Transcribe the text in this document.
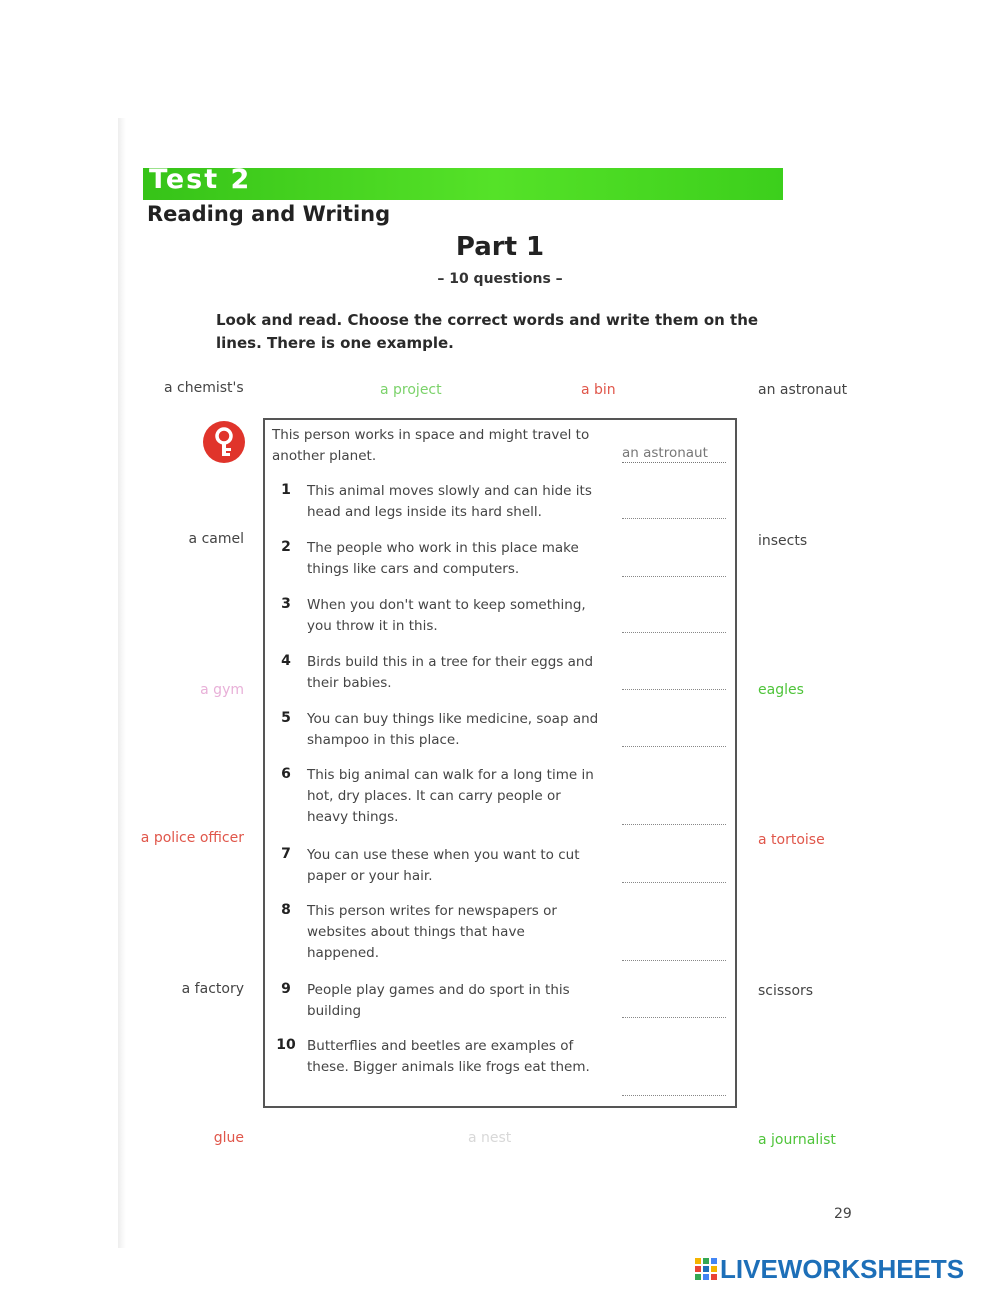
Test 2
Reading and Writing
Part 1
– 10 questions –
Look and read. Choose the correct words and write them on the lines. There is one example.
a chemist's	a project	a bin	an astronaut
a camel	insects
a gym	eagles
a police officer	a tortoise
a factory	scissors
glue	a nest	a journalist
This person works in space and might travel to another planet.	an astronaut
1	This animal moves slowly and can hide its head and legs inside its hard shell.
2	The people who work in this place make things like cars and computers.
3	When you don't want to keep something, you throw it in this.
4	Birds build this in a tree for their eggs and their babies.
5	You can buy things like medicine, soap and shampoo in this place.
6	This big animal can walk for a long time in hot, dry places. It can carry people or heavy things.
7	You can use these when you want to cut paper or your hair.
8	This person writes for newspapers or websites about things that have happened.
9	People play games and do sport in this building
10 Butterflies and beetles are examples of these. Bigger animals like frogs eat them.
29
LIVEWORKSHEETS
